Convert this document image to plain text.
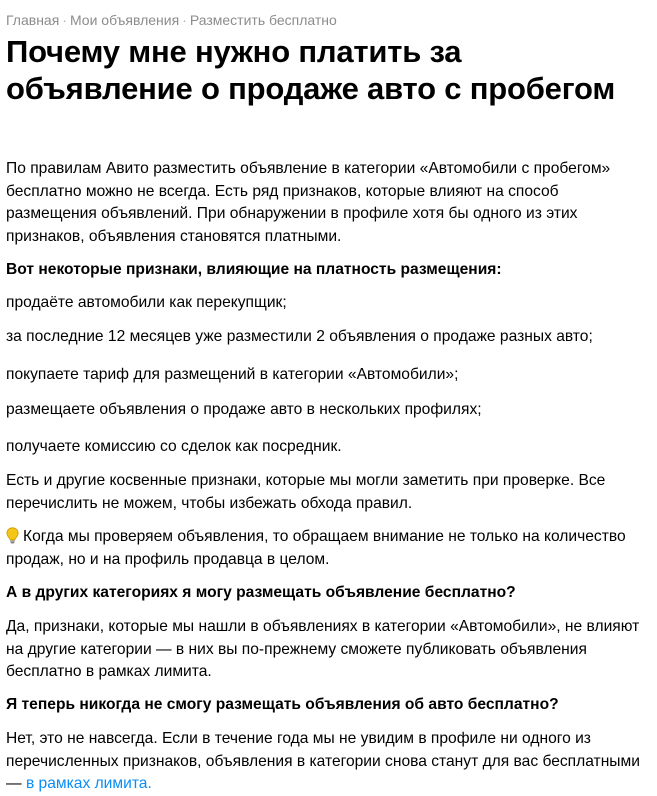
Главная · Мои объявления · Разместить бесплатно
Почему мне нужно платить за объявление о продаже авто с пробегом

По правилам Авито разместить объявление в категории «Автомобили с пробегом» бесплатно можно не всегда. Есть ряд признаков, которые влияют на способ размещения объявлений. При обнаружении в профиле хотя бы одного из этих признаков, объявления становятся платными.

Вот некоторые признаки, влияющие на платность размещения:

продаёте автомобили как перекупщик;

за последние 12 месяцев уже разместили 2 объявления о продаже разных авто;

покупаете тариф для размещений в категории «Автомобили»;

размещаете объявления о продаже авто в нескольких профилях;

получаете комиссию со сделок как посредник.

Есть и другие косвенные признаки, которые мы могли заметить при проверке. Все перечислить не можем, чтобы избежать обхода правил.

Когда мы проверяем объявления, то обращаем внимание не только на количество продаж, но и на профиль продавца в целом.

А в других категориях я могу размещать объявление бесплатно?

Да, признаки, которые мы нашли в объявлениях в категории «Автомобили», не влияют на другие категории — в них вы по-прежнему сможете публиковать объявления бесплатно в рамках лимита.

Я теперь никогда не смогу размещать объявления об авто бесплатно?

Нет, это не навсегда. Если в течение года мы не увидим в профиле ни одного из перечисленных признаков, объявления в категории снова станут для вас бесплатными — в рамках лимита.
